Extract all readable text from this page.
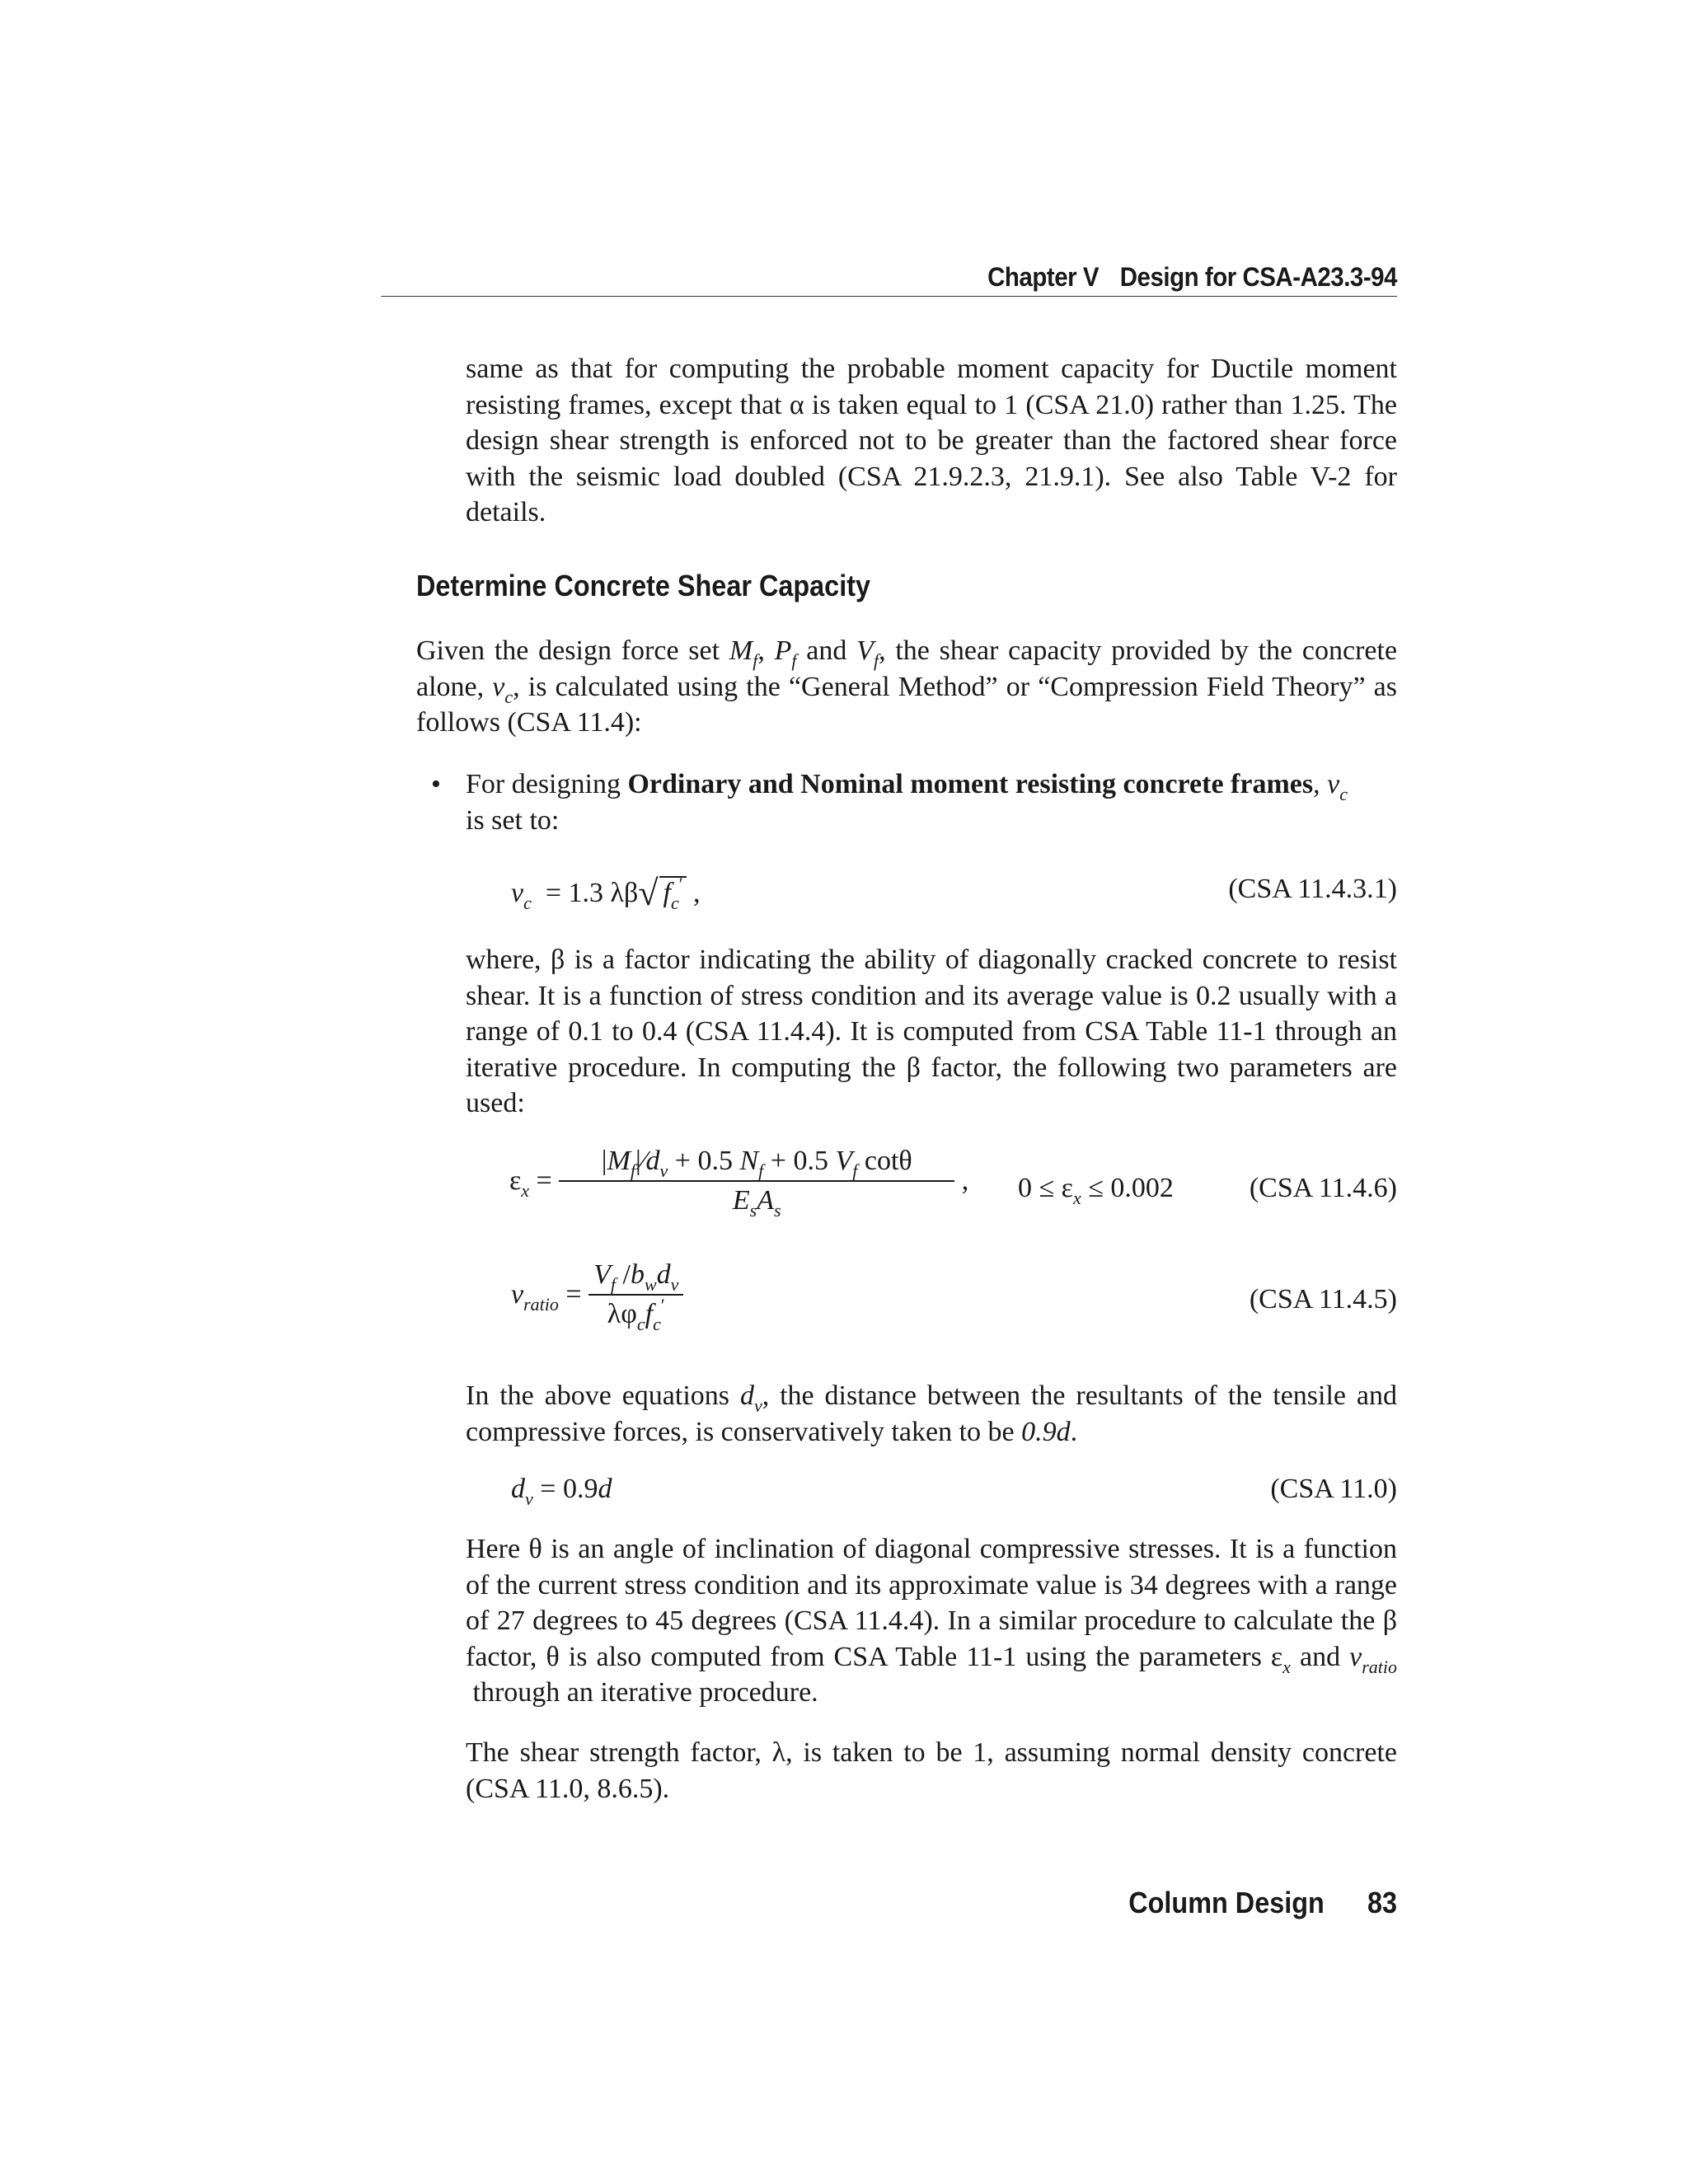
Chapter V Design for CSA-A23.3-94

same as that for computing the probable moment capacity for Ductile moment resisting frames, except that α is taken equal to 1 (CSA 21.0) rather than 1.25. The design shear strength is enforced not to be greater than the factored shear force with the seismic load doubled (CSA 21.9.2.3, 21.9.1). See also Table V-2 for details.

Determine Concrete Shear Capacity

Given the design force set $M_f$, $P_f$ and $V_f$, the shear capacity provided by the concrete alone, $v_c$, is calculated using the “General Method” or “Compression Field Theory” as follows (CSA 11.4):

• For designing Ordinary and Nominal moment resisting concrete frames, $v_c$
is set to:

$v_c = 1.3$ λβ√ $f_c'$ ,	(CSA 11.4.3.1)

where, β is a factor indicating the ability of diagonally cracked concrete to resist shear. It is a function of stress condition and its average value is 0.2 usually with a range of 0.1 to 0.4 (CSA 11.4.4). It is computed from CSA Table 11-1 through an iterative procedure. In computing the β factor, the following two parameters are used:

$\varepsilon_x = \frac{|M_f|⁄d_v + 0.5 N_f + 0.5 V_f \cot\theta}{E_sA_s}$ , $0 \le \varepsilon_x \le 0.002$	(CSA 11.4.6)
$v_{ratio} = \frac{V_f /b_wd_v}{\lambda\varphi_cf_c'}$	(CSA 11.4.5)

In the above equations $d_v$, the distance between the resultants of the tensile and compressive forces, is conservatively taken to be 0.9d.

$d_v = 0.9d$	(CSA 11.0)

Here θ is an angle of inclination of diagonal compressive stresses. It is a function of the current stress condition and its approximate value is 34 degrees with a range of 27 degrees to 45 degrees (CSA 11.4.4). In a similar procedure to calculate the β factor, θ is also computed from CSA Table 11-1 using the parameters $\varepsilon_x$ and $v_{ratio}$  through an iterative procedure.

The shear strength factor, λ, is taken to be 1, assuming normal density concrete (CSA 11.0, 8.6.5).

Column Design 83
